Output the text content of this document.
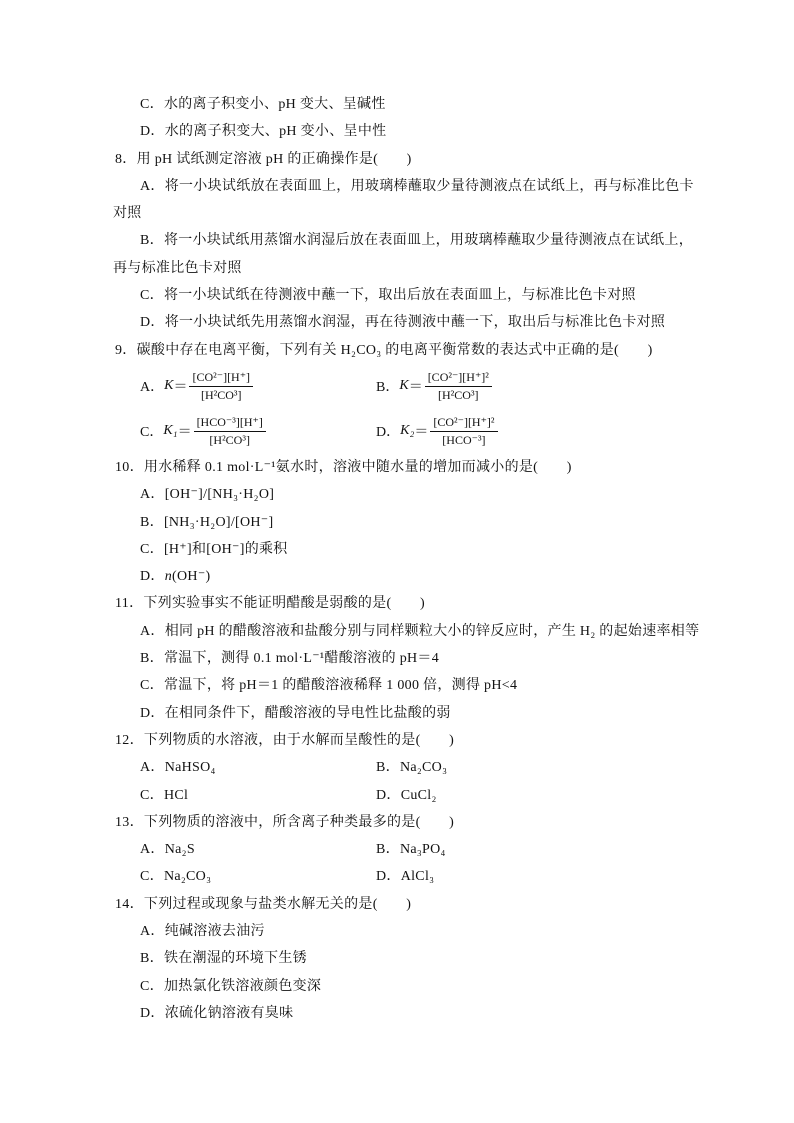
C．水的离子积变小、pH 变大、呈碱性
D．水的离子积变大、pH 变小、呈中性
8．用 pH 试纸测定溶液 pH 的正确操作是(　　)
A．将一小块试纸放在表面皿上，用玻璃棒蘸取少量待测液点在试纸上，再与标准比色卡
对照
B．将一小块试纸用蒸馏水润湿后放在表面皿上，用玻璃棒蘸取少量待测液点在试纸上，
再与标准比色卡对照
C．将一小块试纸在待测液中蘸一下，取出后放在表面皿上，与标准比色卡对照
D．将一小块试纸先用蒸馏水润湿，再在待测液中蘸一下，取出后与标准比色卡对照
9．碳酸中存在电离平衡，下列有关 H₂CO₃ 的电离平衡常数的表达式中正确的是(　　)
A． $K = \frac{\text{[CO²⁻][H⁺]}}{\text{[H²CO³]}}$	B． $K = \frac{\text{[CO²⁻][H⁺]²}}{\text{[H²CO³]}}$
C． $K_1 = \frac{\text{[HCO⁻³][H⁺]}}{\text{[H²CO³]}}$	D． $K_2 = \frac{\text{[CO²⁻][H⁺]²}}{\text{[HCO⁻³]}}$
10．用水稀释 0.1 mol·L⁻¹氨水时，溶液中随水量的增加而减小的是(　　)
A．[OH⁻]/[NH₃·H₂O]
B．[NH₃·H₂O]/[OH⁻]
C．[H⁺]和[OH⁻]的乘积
D．n(OH⁻)
11．下列实验事实不能证明醋酸是弱酸的是(　　)
A．相同 pH 的醋酸溶液和盐酸分别与同样颗粒大小的锌反应时，产生 H₂ 的起始速率相等
B．常温下，测得 0.1 mol·L⁻¹醋酸溶液的 pH＝4
C．常温下，将 pH＝1 的醋酸溶液稀释 1 000 倍，测得 pH<4
D．在相同条件下，醋酸溶液的导电性比盐酸的弱
12．下列物质的水溶液，由于水解而呈酸性的是(　　)
A．NaHSO₄	B．Na₂CO₃
C．HCl	D．CuCl₂
13．下列物质的溶液中，所含离子种类最多的是(　　)
A．Na₂S	B．Na₃PO₄
C．Na₂CO₃	D．AlCl₃
14．下列过程或现象与盐类水解无关的是(　　)
A．纯碱溶液去油污
B．铁在潮湿的环境下生锈
C．加热氯化铁溶液颜色变深
D．浓硫化钠溶液有臭味
